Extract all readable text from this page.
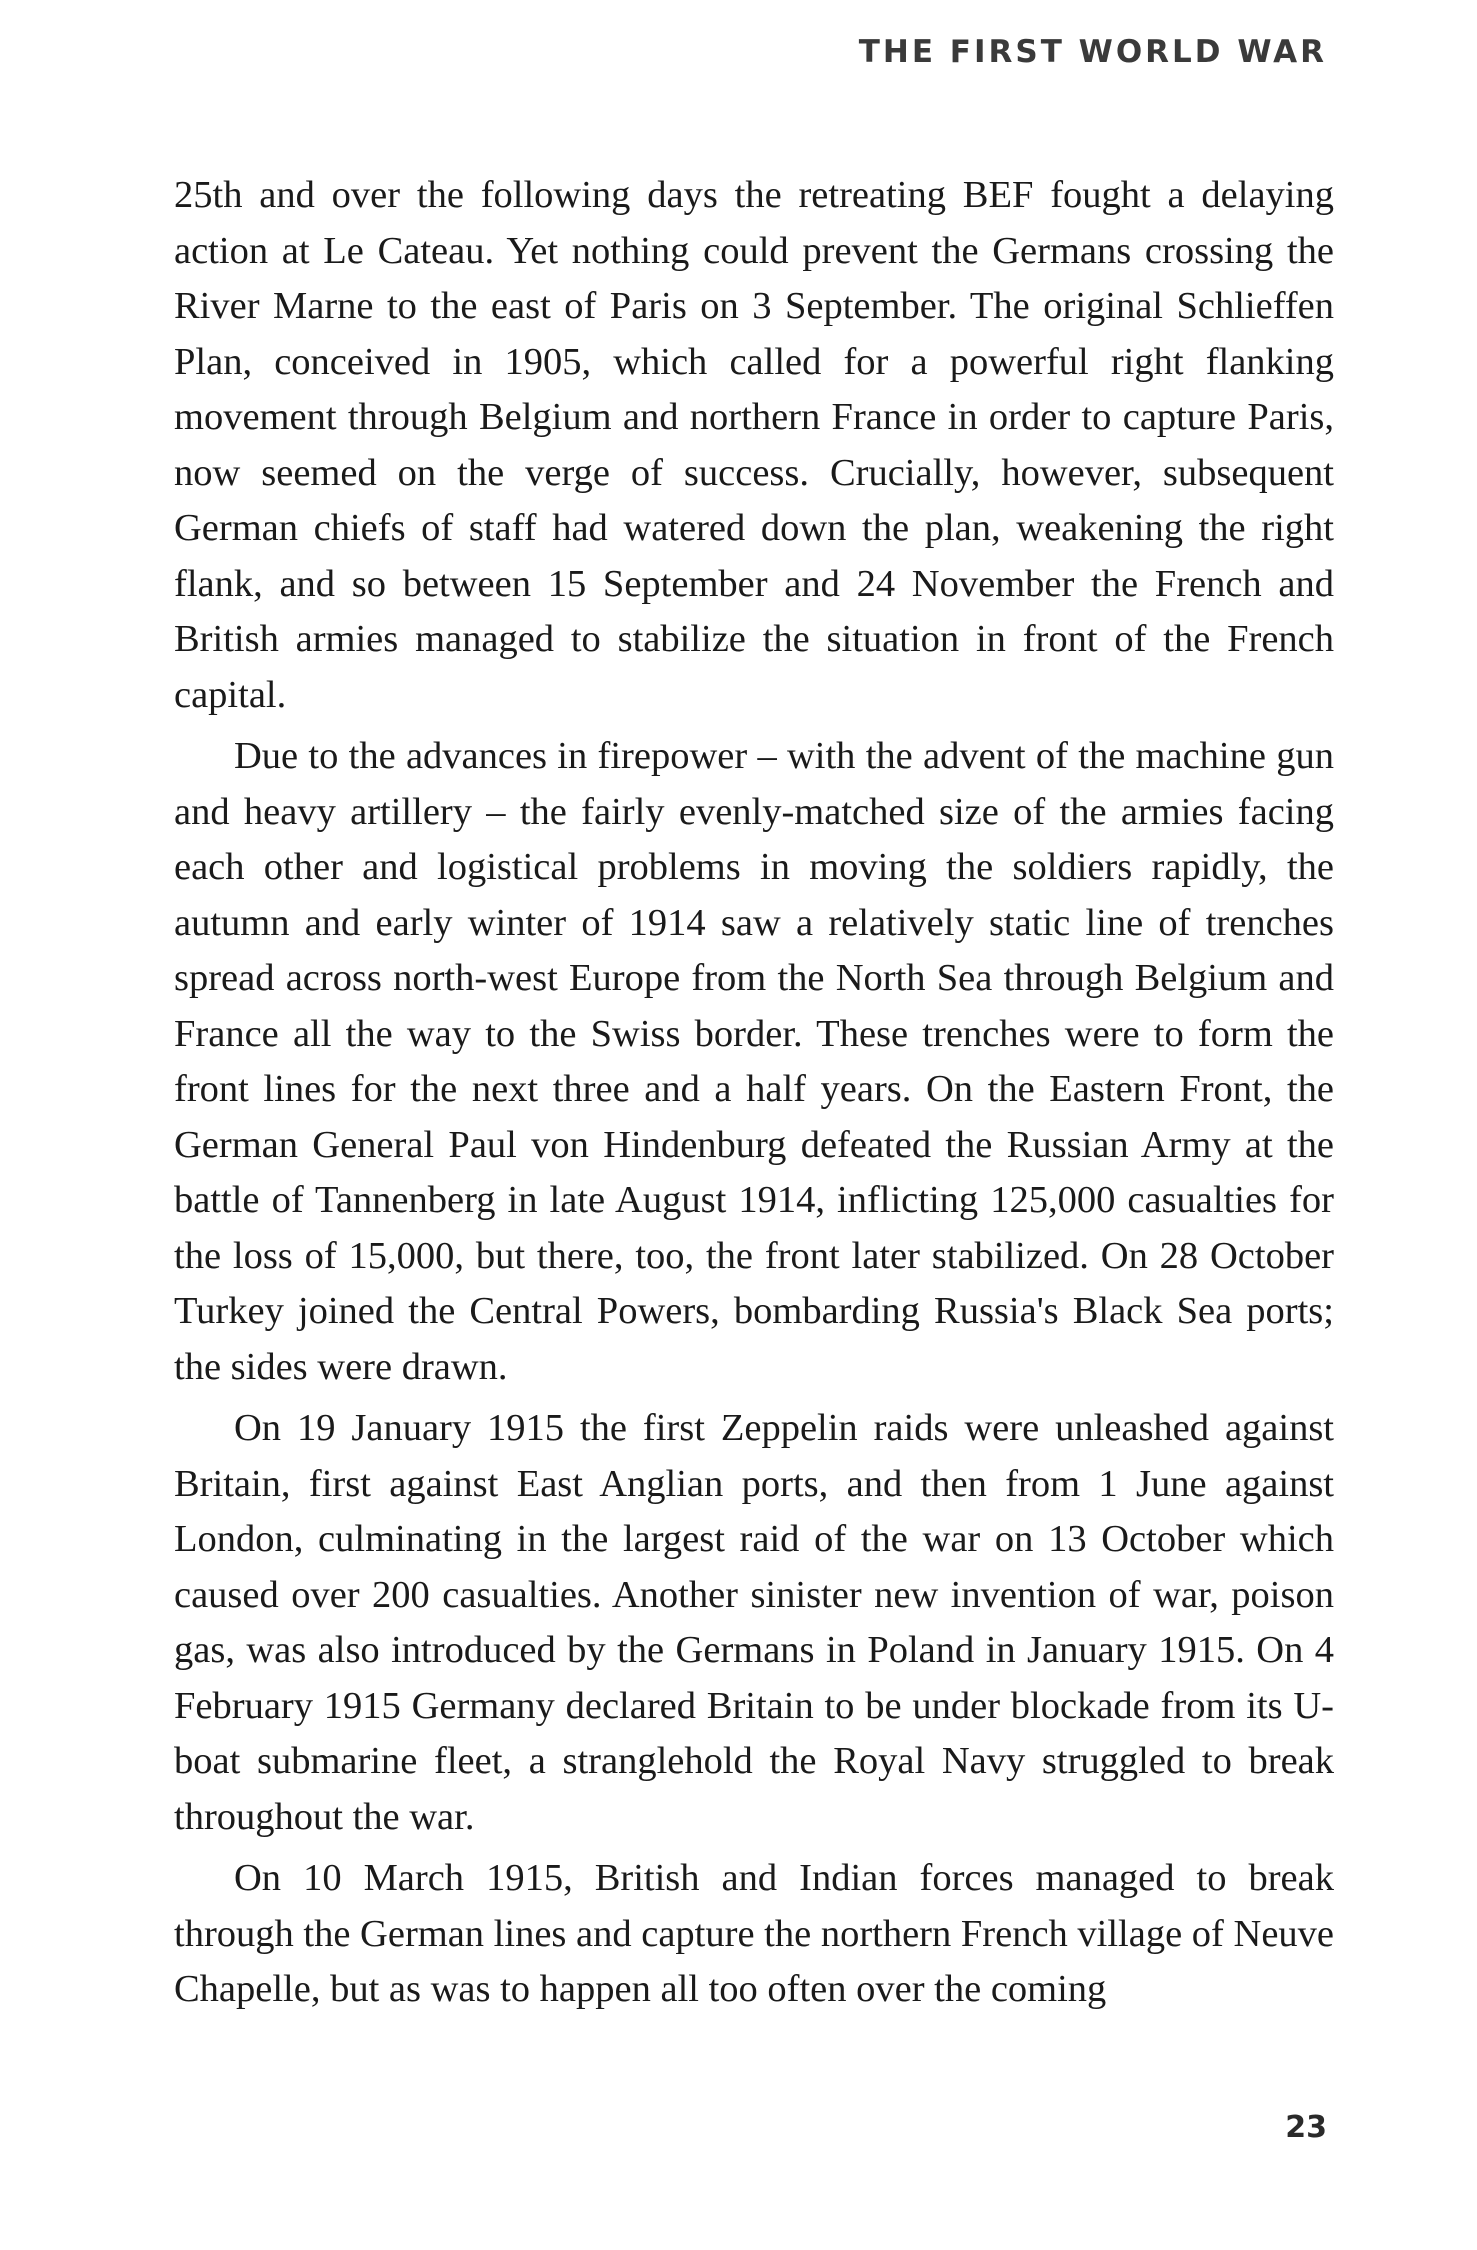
THE FIRST WORLD WAR

25th and over the following days the retreating BEF fought a delaying action at Le Cateau. Yet nothing could prevent the Germans crossing the River Marne to the east of Paris on 3 September. The original Schlieffen Plan, conceived in 1905, which called for a powerful right flanking movement through Belgium and northern France in order to capture Paris, now seemed on the verge of success. Crucially, however, subsequent German chiefs of staff had watered down the plan, weakening the right flank, and so between 15 September and 24 November the French and British armies managed to stabilize the situation in front of the French capital.

Due to the advances in firepower – with the advent of the machine gun and heavy artillery – the fairly evenly-matched size of the armies facing each other and logistical problems in moving the soldiers rapidly, the autumn and early winter of 1914 saw a relatively static line of trenches spread across north-west Europe from the North Sea through Belgium and France all the way to the Swiss border. These trenches were to form the front lines for the next three and a half years. On the Eastern Front, the German General Paul von Hindenburg defeated the Russian Army at the battle of Tannenberg in late August 1914, inflicting 125,000 casualties for the loss of 15,000, but there, too, the front later stabilized. On 28 October Turkey joined the Central Powers, bombarding Russia's Black Sea ports; the sides were drawn.

On 19 January 1915 the first Zeppelin raids were unleashed against Britain, first against East Anglian ports, and then from 1 June against London, culminating in the largest raid of the war on 13 October which caused over 200 casualties. Another sinister new invention of war, poison gas, was also introduced by the Germans in Poland in January 1915. On 4 February 1915 Germany declared Britain to be under blockade from its U-boat submarine fleet, a stranglehold the Royal Navy struggled to break throughout the war.

On 10 March 1915, British and Indian forces managed to break through the German lines and capture the northern French village of Neuve Chapelle, but as was to happen all too often over the coming

23
